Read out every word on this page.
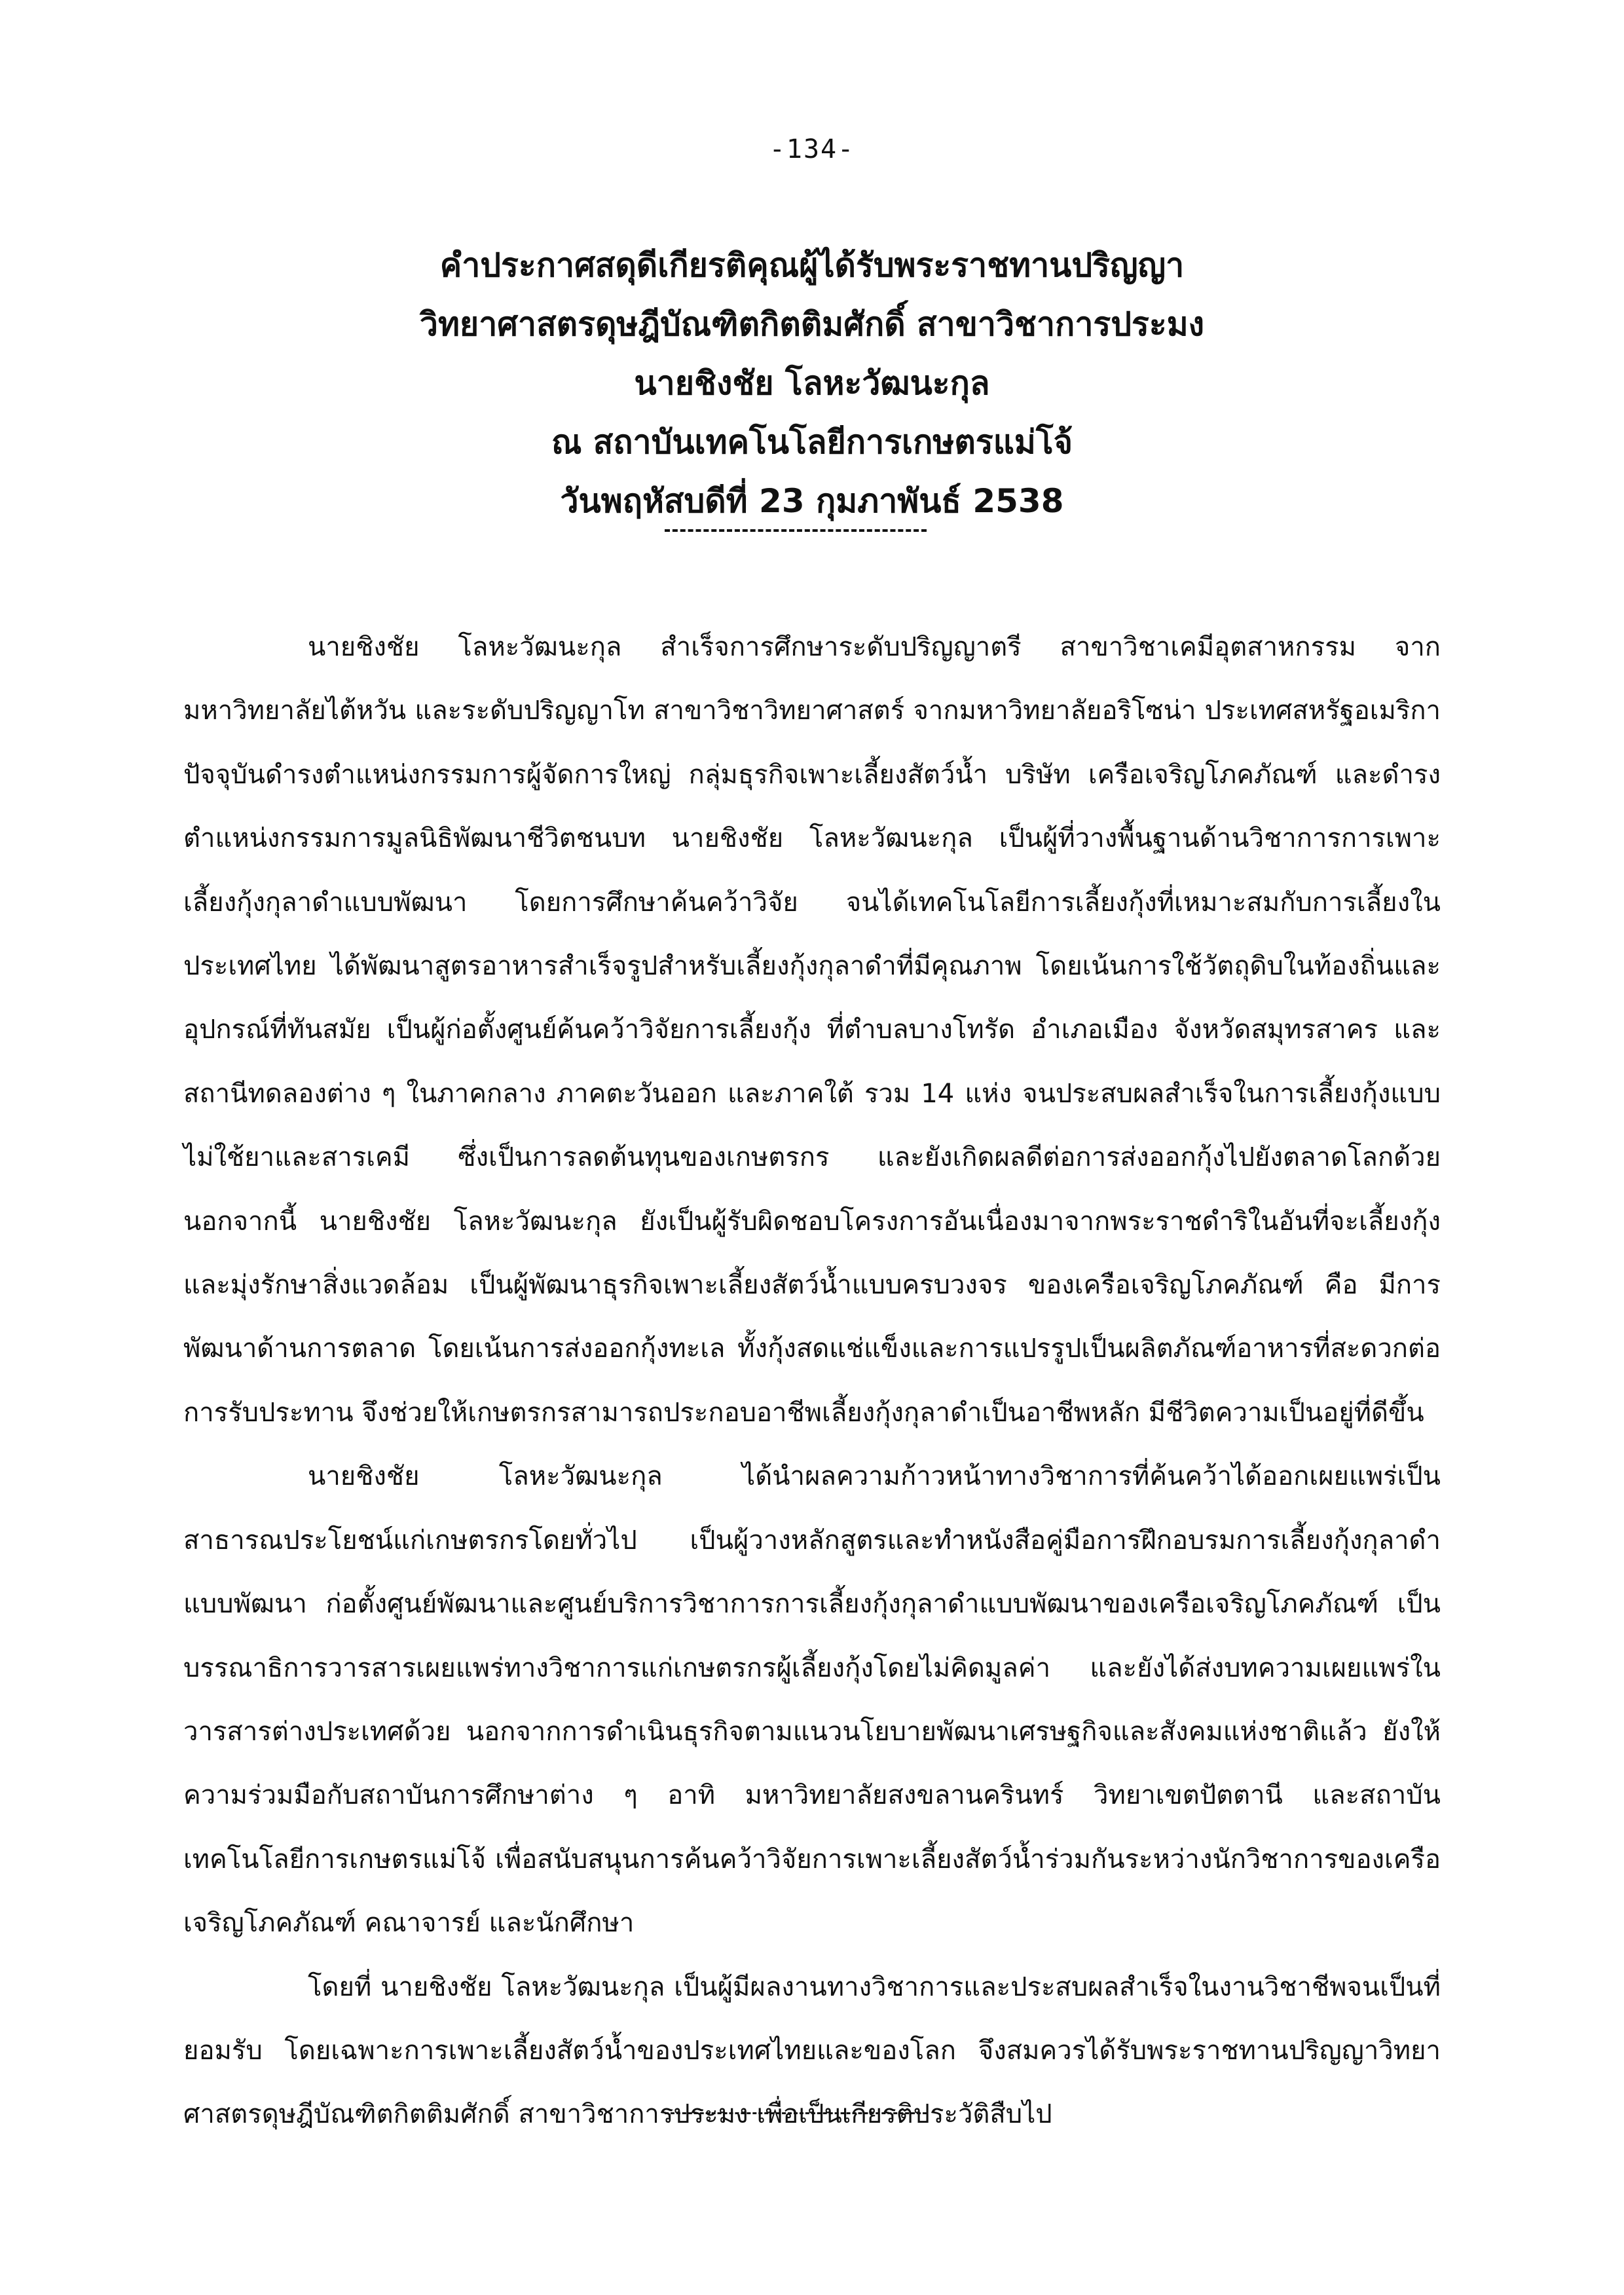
-134-
คำประกาศสดุดีเกียรติคุณผู้ได้รับพระราชทานปริญญา
วิทยาศาสตรดุษฎีบัณฑิตกิตติมศักดิ์ สาขาวิชาการประมง
นายชิงชัย โลหะวัฒนะกุล
ณ สถาบันเทคโนโลยีการเกษตรแม่โจ้
วันพฤหัสบดีที่ 23 กุมภาพันธ์ 2538

นายชิงชัย โลหะวัฒนะกุล สำเร็จการศึกษาระดับปริญญาตรี สาขาวิชาเคมีอุตสาหกรรม จากมหาวิทยาลัยไต้หวัน และระดับปริญญาโท สาขาวิชาวิทยาศาสตร์ จากมหาวิทยาลัยอริโซน่า ประเทศสหรัฐอเมริกา ปัจจุบันดำรงตำแหน่งกรรมการผู้จัดการใหญ่ กลุ่มธุรกิจเพาะเลี้ยงสัตว์น้ำ บริษัท เครือเจริญโภคภัณฑ์ และดำรงตำแหน่งกรรมการมูลนิธิพัฒนาชีวิตชนบท นายชิงชัย โลหะวัฒนะกุล เป็นผู้ที่วางพื้นฐานด้านวิชาการการเพาะเลี้ยงกุ้งกุลาดำแบบพัฒนา โดยการศึกษาค้นคว้าวิจัย จนได้เทคโนโลยีการเลี้ยงกุ้งที่เหมาะสมกับการเลี้ยงในประเทศไทย ได้พัฒนาสูตรอาหารสำเร็จรูปสำหรับเลี้ยงกุ้งกุลาดำที่มีคุณภาพ โดยเน้นการใช้วัตถุดิบในท้องถิ่นและอุปกรณ์ที่ทันสมัย เป็นผู้ก่อตั้งศูนย์ค้นคว้าวิจัยการเลี้ยงกุ้ง ที่ตำบลบางโทรัด อำเภอเมือง จังหวัดสมุทรสาคร และสถานีทดลองต่าง ๆ ในภาคกลาง ภาคตะวันออก และภาคใต้ รวม 14 แห่ง จนประสบผลสำเร็จในการเลี้ยงกุ้งแบบไม่ใช้ยาและสารเคมี ซึ่งเป็นการลดต้นทุนของเกษตรกร และยังเกิดผลดีต่อการส่งออกกุ้งไปยังตลาดโลกด้วย นอกจากนี้ นายชิงชัย โลหะวัฒนะกุล ยังเป็นผู้รับผิดชอบโครงการอันเนื่องมาจากพระราชดำริในอันที่จะเลี้ยงกุ้งและมุ่งรักษาสิ่งแวดล้อม เป็นผู้พัฒนาธุรกิจเพาะเลี้ยงสัตว์น้ำแบบครบวงจร ของเครือเจริญโภคภัณฑ์ คือ มีการพัฒนาด้านการตลาด โดยเน้นการส่งออกกุ้งทะเล ทั้งกุ้งสดแช่แข็งและการแปรรูปเป็นผลิตภัณฑ์อาหารที่สะดวกต่อการรับประทาน จึงช่วยให้เกษตรกรสามารถประกอบอาชีพเลี้ยงกุ้งกุลาดำเป็นอาชีพหลัก มีชีวิตความเป็นอยู่ที่ดีขึ้น

นายชิงชัย โลหะวัฒนะกุล ได้นำผลความก้าวหน้าทางวิชาการที่ค้นคว้าได้ออกเผยแพร่เป็นสาธารณประโยชน์แก่เกษตรกรโดยทั่วไป เป็นผู้วางหลักสูตรและทำหนังสือคู่มือการฝึกอบรมการเลี้ยงกุ้งกุลาดำแบบพัฒนา ก่อตั้งศูนย์พัฒนาและศูนย์บริการวิชาการการเลี้ยงกุ้งกุลาดำแบบพัฒนาของเครือเจริญโภคภัณฑ์ เป็นบรรณาธิการวารสารเผยแพร่ทางวิชาการแก่เกษตรกรผู้เลี้ยงกุ้งโดยไม่คิดมูลค่า และยังได้ส่งบทความเผยแพร่ในวารสารต่างประเทศด้วย นอกจากการดำเนินธุรกิจตามแนวนโยบายพัฒนาเศรษฐกิจและสังคมแห่งชาติแล้ว ยังให้ความร่วมมือกับสถาบันการศึกษาต่าง ๆ อาทิ มหาวิทยาลัยสงขลานครินทร์ วิทยาเขตปัตตานี และสถาบันเทคโนโลยีการเกษตรแม่โจ้ เพื่อสนับสนุนการค้นคว้าวิจัยการเพาะเลี้ยงสัตว์น้ำร่วมกันระหว่างนักวิชาการของเครือเจริญโภคภัณฑ์ คณาจารย์ และนักศึกษา

โดยที่ นายชิงชัย โลหะวัฒนะกุล เป็นผู้มีผลงานทางวิชาการและประสบผลสำเร็จในงานวิชาชีพจนเป็นที่ยอมรับ โดยเฉพาะการเพาะเลี้ยงสัตว์น้ำของประเทศไทยและของโลก จึงสมควรได้รับพระราชทานปริญญาวิทยาศาสตรดุษฎีบัณฑิตกิตติมศักดิ์ สาขาวิชาการประมง เพื่อเป็นเกียรติประวัติสืบไป
